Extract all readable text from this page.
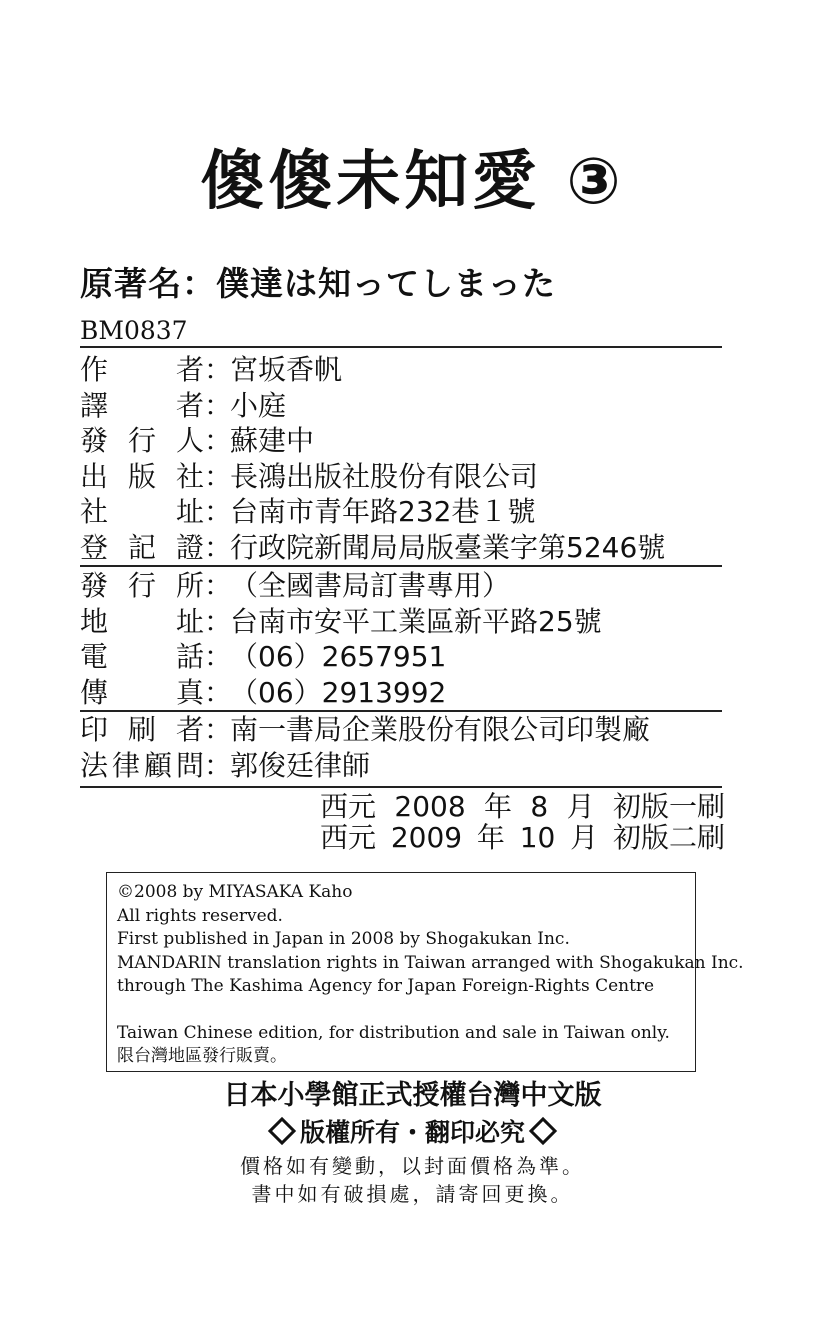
傻傻未知愛 ③
原著名：僕達は知ってしまった
BM0837
作 者 ：
宮坂香帆
譯 者 ：
小庭
發 行 人 ：
蘇建中
出 版 社 ：
長鴻出版社股份有限公司
社 址 ：
台南市青年路232巷１號
登 記 證 ：
行政院新聞局局版臺業字第5246號
發 行 所 ：
（全國書局訂書專用）
地 址 ：
台南市安平工業區新平路25號
電 話 ：
（06）2657951
傳 真 ：
（06）2913992
印 刷 者 ：
南一書局企業股份有限公司印製廠
法 律 顧 問 ：
郭俊廷律師
西元 2008 年 8 月 初版一刷
西元 2009 年 10 月 初版二刷
©2008 by MIYASAKA Kaho
All rights reserved.
First published in Japan in 2008 by Shogakukan Inc.
MANDARIN translation rights in Taiwan arranged with Shogakukan Inc.
through The Kashima Agency for Japan Foreign-Rights Centre
Taiwan Chinese edition, for distribution and sale in Taiwan only.
限台灣地區發行販賣。
日本小學館正式授權台灣中文版
版權所有・翻印必究
價格如有變動，以封面價格為準。
書中如有破損處，請寄回更換。
